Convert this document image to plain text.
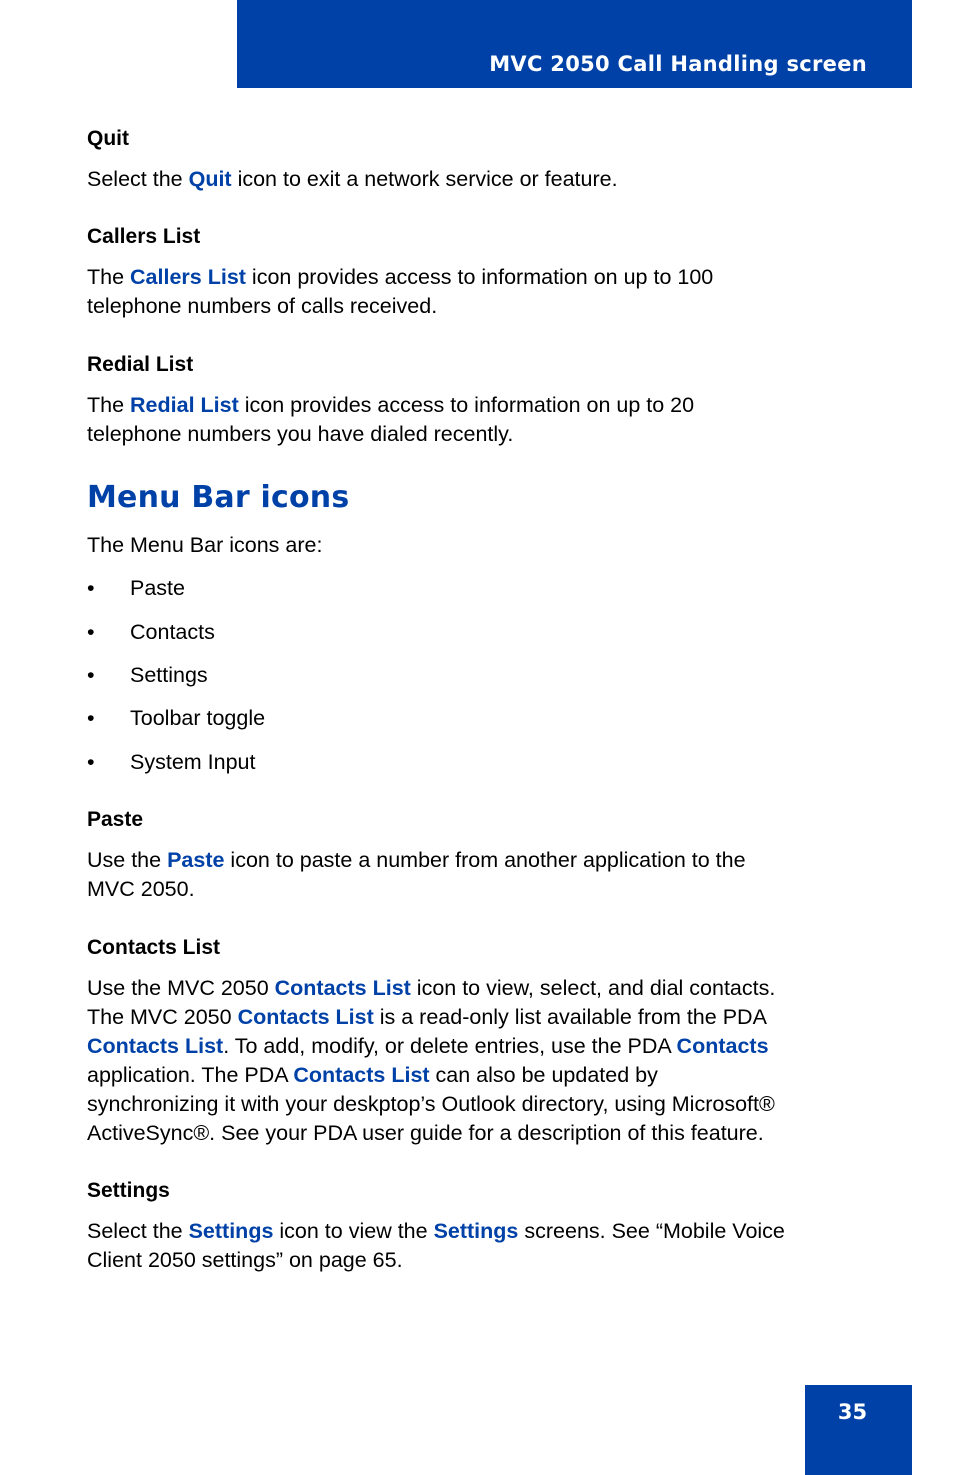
MVC 2050 Call Handling screen
Quit
Select the Quit icon to exit a network service or feature.
Callers List
The Callers List icon provides access to information on up to 100
telephone numbers of calls received.
Redial List
The Redial List icon provides access to information on up to 20
telephone numbers you have dialed recently.
Menu Bar icons
The Menu Bar icons are:
• Paste
• Contacts
• Settings
• Toolbar toggle
• System Input
Paste
Use the Paste icon to paste a number from another application to the
MVC 2050.
Contacts List
Use the MVC 2050 Contacts List icon to view, select, and dial contacts.
The MVC 2050 Contacts List is a read-only list available from the PDA
Contacts List. To add, modify, or delete entries, use the PDA Contacts
application. The PDA Contacts List can also be updated by
synchronizing it with your deskptop’s Outlook directory, using Microsoft®
ActiveSync®. See your PDA user guide for a description of this feature.
Settings
Select the Settings icon to view the Settings screens. See “Mobile Voice
Client 2050 settings” on page 65.
35
